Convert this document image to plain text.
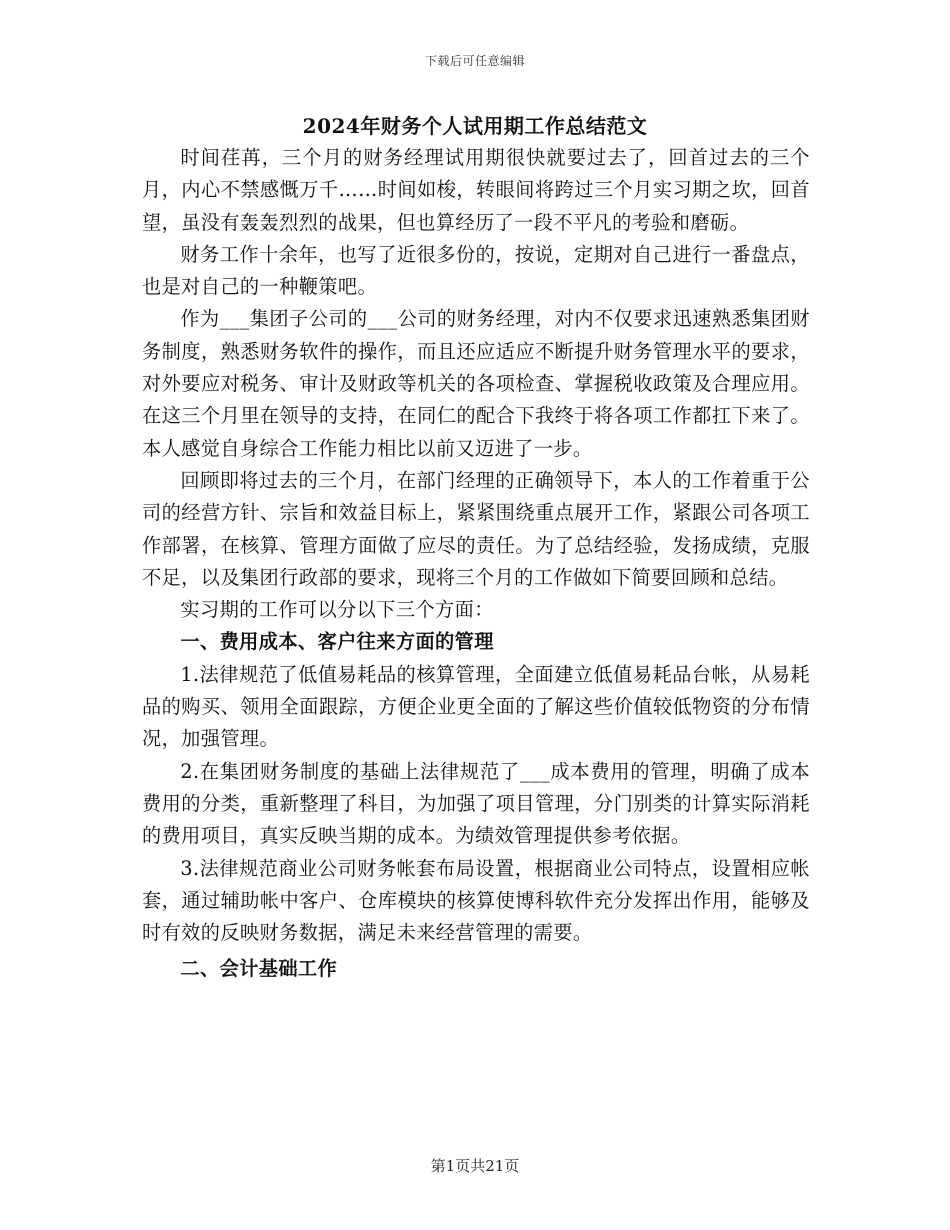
下载后可任意编辑
2024年财务个人试用期工作总结范文

时间荏苒，三个月的财务经理试用期很快就要过去了，回首过去的三个月，内心不禁感慨万千……时间如梭，转眼间将跨过三个月实习期之坎，回首望，虽没有轰轰烈烈的战果，但也算经历了一段不平凡的考验和磨砺。

财务工作十余年，也写了近很多份的，按说，定期对自己进行一番盘点，也是对自己的一种鞭策吧。

作为___集团子公司的___公司的财务经理，对内不仅要求迅速熟悉集团财务制度，熟悉财务软件的操作，而且还应适应不断提升财务管理水平的要求，对外要应对税务、审计及财政等机关的各项检查、掌握税收政策及合理应用。在这三个月里在领导的支持，在同仁的配合下我终于将各项工作都扛下来了。本人感觉自身综合工作能力相比以前又迈进了一步。

回顾即将过去的三个月，在部门经理的正确领导下，本人的工作着重于公司的经营方针、宗旨和效益目标上，紧紧围绕重点展开工作，紧跟公司各项工作部署，在核算、管理方面做了应尽的责任。为了总结经验，发扬成绩，克服不足，以及集团行政部的要求，现将三个月的工作做如下简要回顾和总结。

实习期的工作可以分以下三个方面：

一、费用成本、客户往来方面的管理

1.法律规范了低值易耗品的核算管理，全面建立低值易耗品台帐，从易耗品的购买、领用全面跟踪，方便企业更全面的了解这些价值较低物资的分布情况，加强管理。

2.在集团财务制度的基础上法律规范了___成本费用的管理，明确了成本费用的分类，重新整理了科目，为加强了项目管理，分门别类的计算实际消耗的费用项目，真实反映当期的成本。为绩效管理提供参考依据。

3.法律规范商业公司财务帐套布局设置，根据商业公司特点，设置相应帐套，通过辅助帐中客户、仓库模块的核算使博科软件充分发挥出作用，能够及时有效的反映财务数据，满足未来经营管理的需要。

二、会计基础工作

第1页共21页
